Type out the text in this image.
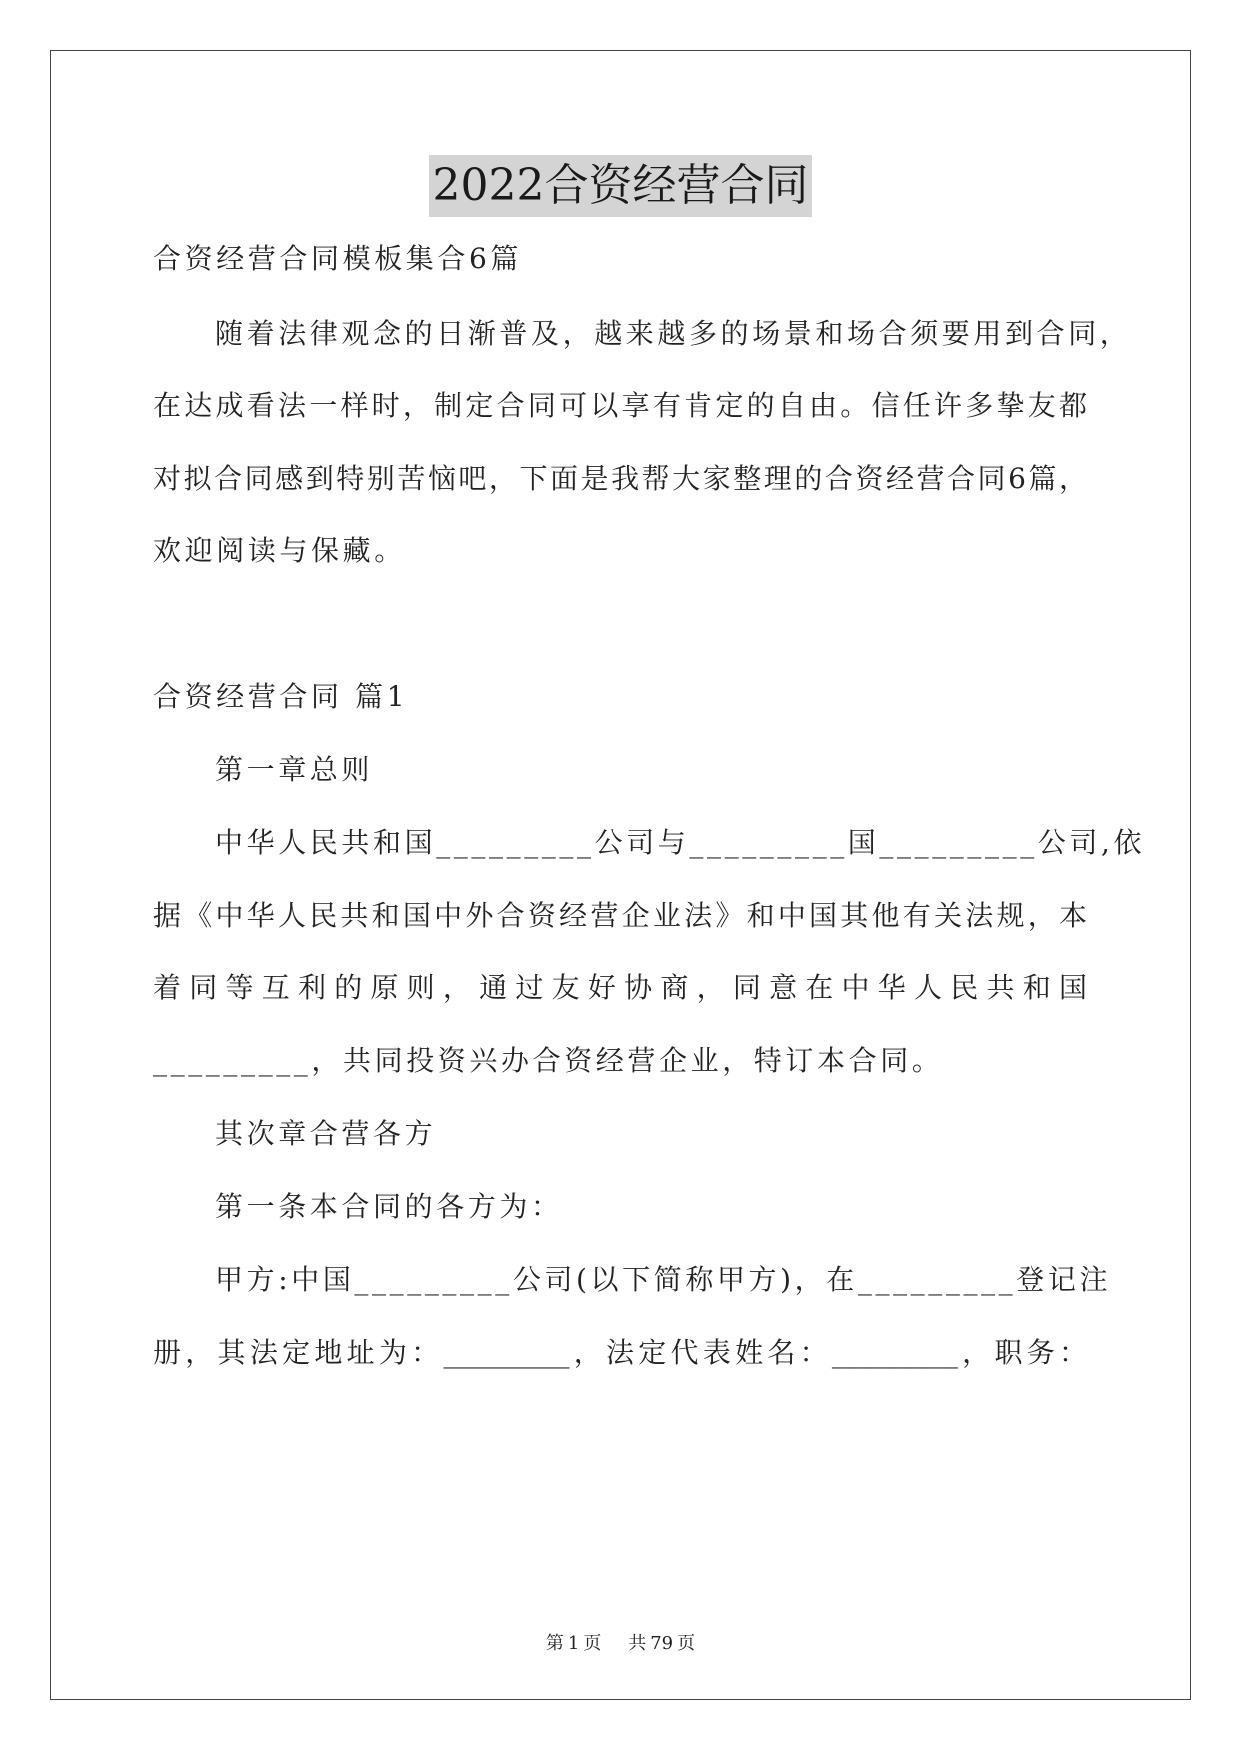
2022合资经营合同
合资经营合同模板集合6篇
随着法律观念的日渐普及，越来越多的场景和场合须要用到合同，
在达成看法一样时，制定合同可以享有肯定的自由。信任许多挚友都
对拟合同感到特别苦恼吧，下面是我帮大家整理的合资经营合同6篇，
欢迎阅读与保藏。
合资经营合同 篇1
第一章总则
中华人民共和国_________公司与_________国_________公司,依
据《中华人民共和国中外合资经营企业法》和中国其他有关法规，本
着同等互利的原则，通过友好协商，同意在中华人民共和国
_________，共同投资兴办合资经营企业，特订本合同。
其次章合营各方
第一条本合同的各方为：
甲方:中国_________公司(以下简称甲方)，在_________登记注
册，其法定地址为：_________，法定代表姓名：_________，职务：
第 1 页 共 79 页
